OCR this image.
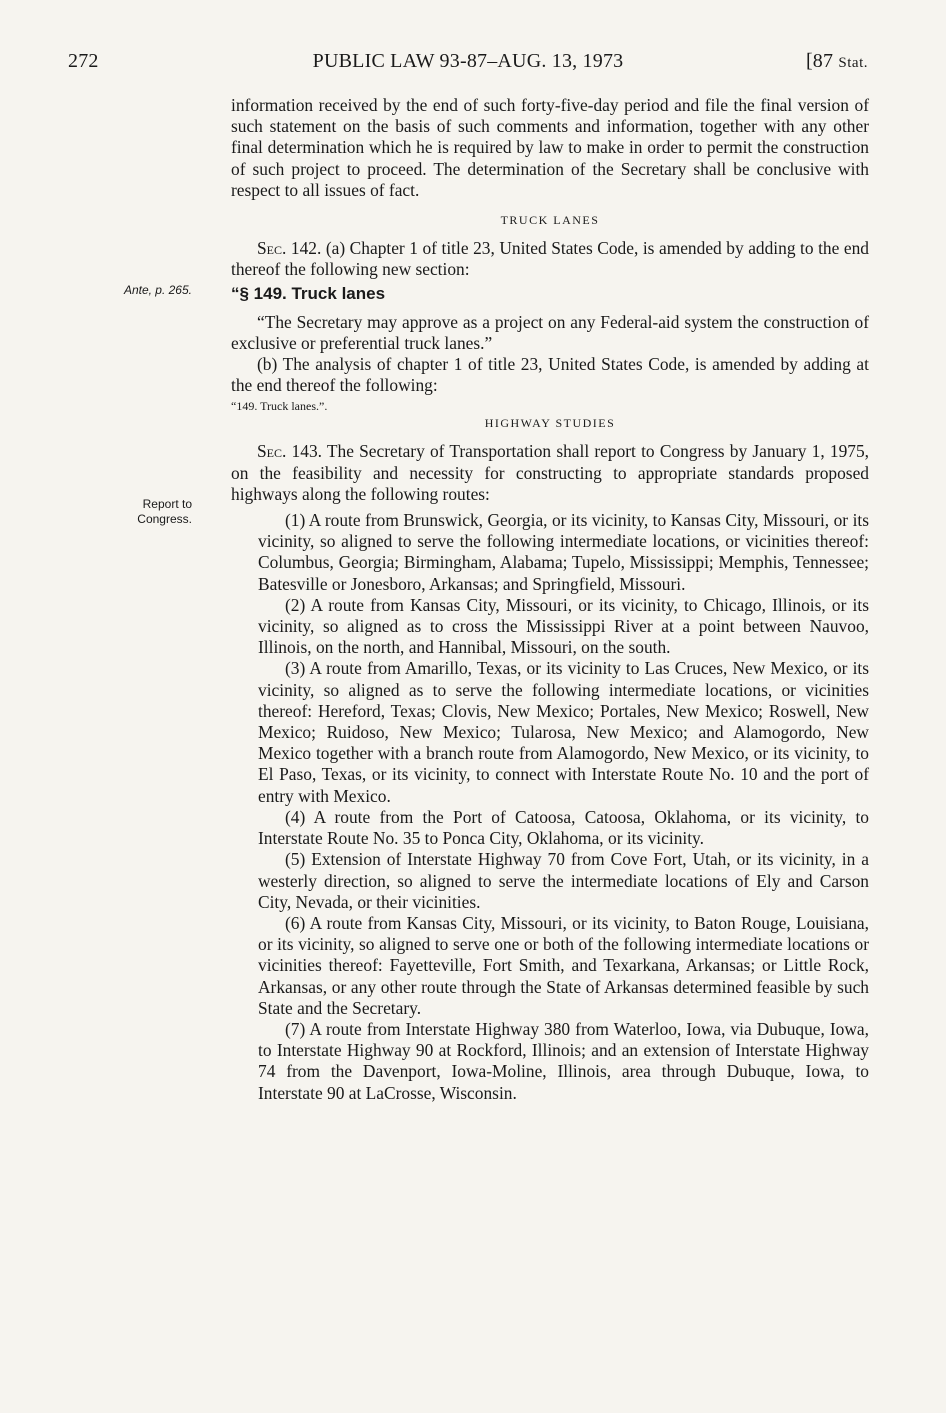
272	PUBLIC LAW 93-87–AUG. 13, 1973	[87 Stat.
Ante, p. 265.
Report to
Congress.

information received by the end of such forty-five-day period and file the final version of such statement on the basis of such comments and information, together with any other final determination which he is required by law to make in order to permit the construction of such project to proceed. The determination of the Secretary shall be conclusive with respect to all issues of fact.

TRUCK LANES

Sec. 142. (a) Chapter 1 of title 23, United States Code, is amended by adding to the end thereof the following new section:

“§ 149. Truck lanes

“The Secretary may approve as a project on any Federal-aid system the construction of exclusive or preferential truck lanes.”

(b) The analysis of chapter 1 of title 23, United States Code, is amended by adding at the end thereof the following:

“149. Truck lanes.”.
HIGHWAY STUDIES

Sec. 143. The Secretary of Transportation shall report to Congress by January 1, 1975, on the feasibility and necessity for constructing to appropriate standards proposed highways along the following routes:

(1) A route from Brunswick, Georgia, or its vicinity, to Kansas City, Missouri, or its vicinity, so aligned to serve the following intermediate locations, or vicinities thereof: Columbus, Georgia; Birmingham, Alabama; Tupelo, Mississippi; Memphis, Tennessee; Batesville or Jonesboro, Arkansas; and Springfield, Missouri.

(2) A route from Kansas City, Missouri, or its vicinity, to Chicago, Illinois, or its vicinity, so aligned as to cross the Mississippi River at a point between Nauvoo, Illinois, on the north, and Hannibal, Missouri, on the south.

(3) A route from Amarillo, Texas, or its vicinity to Las Cruces, New Mexico, or its vicinity, so aligned as to serve the following intermediate locations, or vicinities thereof: Hereford, Texas; Clovis, New Mexico; Portales, New Mexico; Roswell, New Mexico; Ruidoso, New Mexico; Tularosa, New Mexico; and Alamogordo, New Mexico together with a branch route from Alamogordo, New Mexico, or its vicinity, to El Paso, Texas, or its vicinity, to connect with Interstate Route No. 10 and the port of entry with Mexico.

(4) A route from the Port of Catoosa, Catoosa, Oklahoma, or its vicinity, to Interstate Route No. 35 to Ponca City, Oklahoma, or its vicinity.

(5) Extension of Interstate Highway 70 from Cove Fort, Utah, or its vicinity, in a westerly direction, so aligned to serve the intermediate locations of Ely and Carson City, Nevada, or their vicinities.

(6) A route from Kansas City, Missouri, or its vicinity, to Baton Rouge, Louisiana, or its vicinity, so aligned to serve one or both of the following intermediate locations or vicinities thereof: Fayetteville, Fort Smith, and Texarkana, Arkansas; or Little Rock, Arkansas, or any other route through the State of Arkansas determined feasible by such State and the Secretary.

(7) A route from Interstate Highway 380 from Waterloo, Iowa, via Dubuque, Iowa, to Interstate Highway 90 at Rockford, Illinois; and an extension of Interstate Highway 74 from the Davenport, Iowa-Moline, Illinois, area through Dubuque, Iowa, to Interstate 90 at LaCrosse, Wisconsin.
